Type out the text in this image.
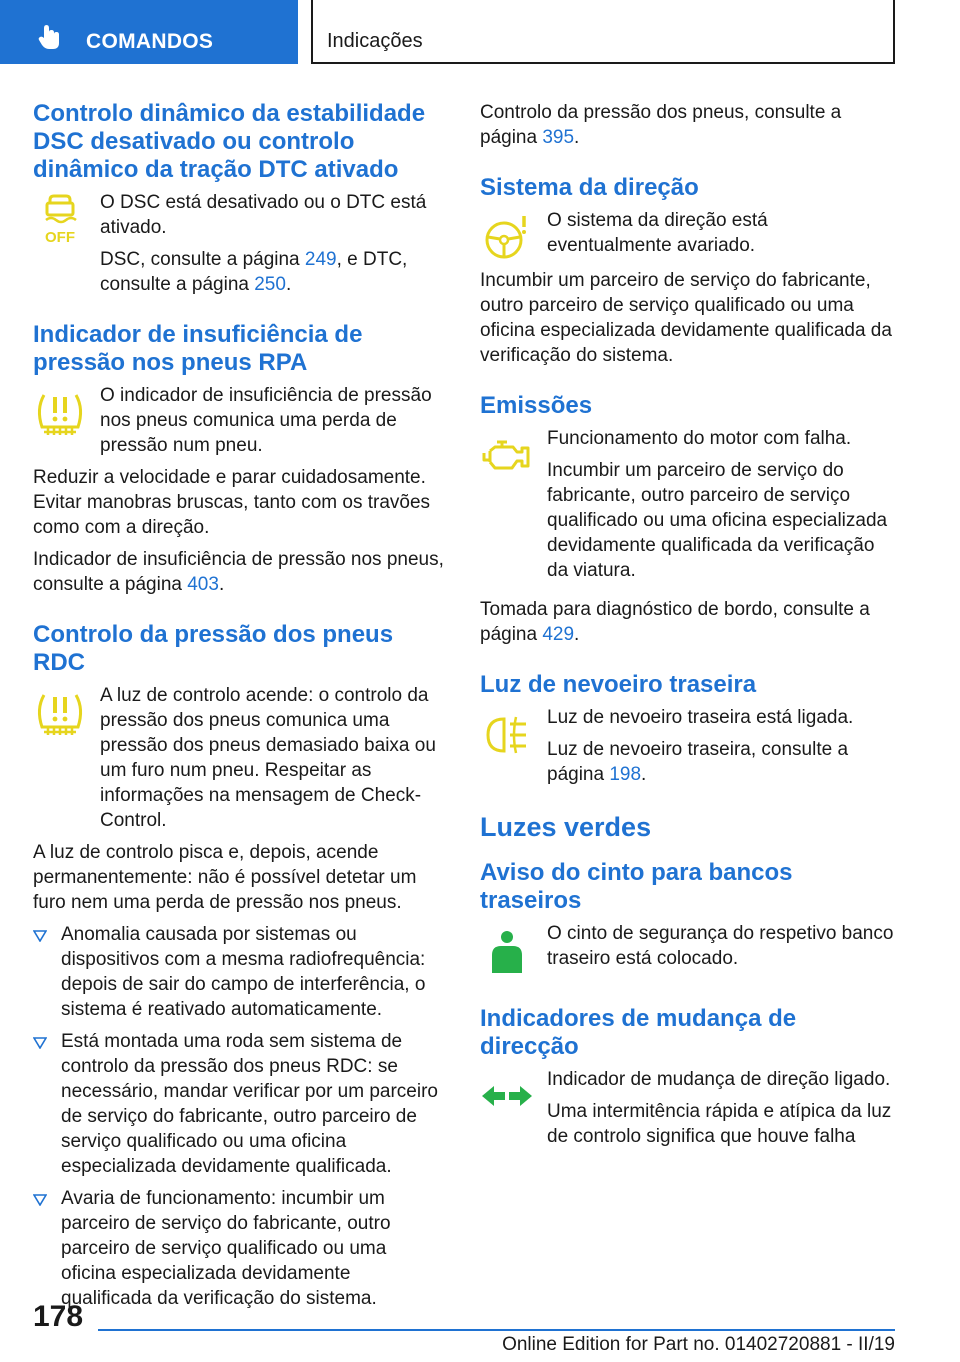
COMANDOS	Indicações
Controlo dinâmico da estabilidade DSC desativado ou controlo dinâmico da tração DTC ativado
OFF

O DSC está desativado ou o DTC está ativado.

DSC, consulte a página 249, e DTC, consulte a página 250.

Indicador de insuficiência de pressão nos pneus RPA

O indicador de insuficiência de pressão nos pneus comunica uma perda de pressão num pneu.

Reduzir a velocidade e parar cuidadosamente. Evitar manobras bruscas, tanto com os travões como com a direção.

Indicador de insuficiência de pressão nos pneus, consulte a página 403.

Controlo da pressão dos pneus RDC

A luz de controlo acende: o controlo da pressão dos pneus comunica uma pressão dos pneus demasiado baixa ou um furo num pneu. Respeitar as informações na mensagem de Check-Control.

A luz de controlo pisca e, depois, acende permanentemente: não é possível detetar um furo nem uma perda de pressão nos pneus.

Anomalia causada por sistemas ou dispositivos com a mesma radiofrequência: depois de sair do campo de interferência, o sistema é reativado automaticamente.
Está montada uma roda sem sistema de controlo da pressão dos pneus RDC: se necessário, mandar verificar por um parceiro de serviço do fabricante, outro parceiro de serviço qualificado ou uma oficina especializada devidamente qualificada.
Avaria de funcionamento: incumbir um parceiro de serviço do fabricante, outro parceiro de serviço qualificado ou uma oficina especializada devidamente qualificada da verificação do sistema.

Controlo da pressão dos pneus, consulte a página 395.

Sistema da direção

O sistema da direção está eventualmente avariado.

Incumbir um parceiro de serviço do fabricante, outro parceiro de serviço qualificado ou uma oficina especializada devidamente qualificada da verificação do sistema.

Emissões

Funcionamento do motor com falha.

Incumbir um parceiro de serviço do fabricante, outro parceiro de serviço qualificado ou uma oficina especializada devidamente qualificada da verificação da viatura.

Tomada para diagnóstico de bordo, consulte a página 429.

Luz de nevoeiro traseira

Luz de nevoeiro traseira está ligada.

Luz de nevoeiro traseira, consulte a página 198.

Luzes verdes
Aviso do cinto para bancos traseiros

O cinto de segurança do respetivo banco traseiro está colocado.

Indicadores de mudança de direcção

Indicador de mudança de direção ligado.

Uma intermitência rápida e atípica da luz de controlo significa que houve falha

178
Online Edition for Part no. 01402720881 - II/19
